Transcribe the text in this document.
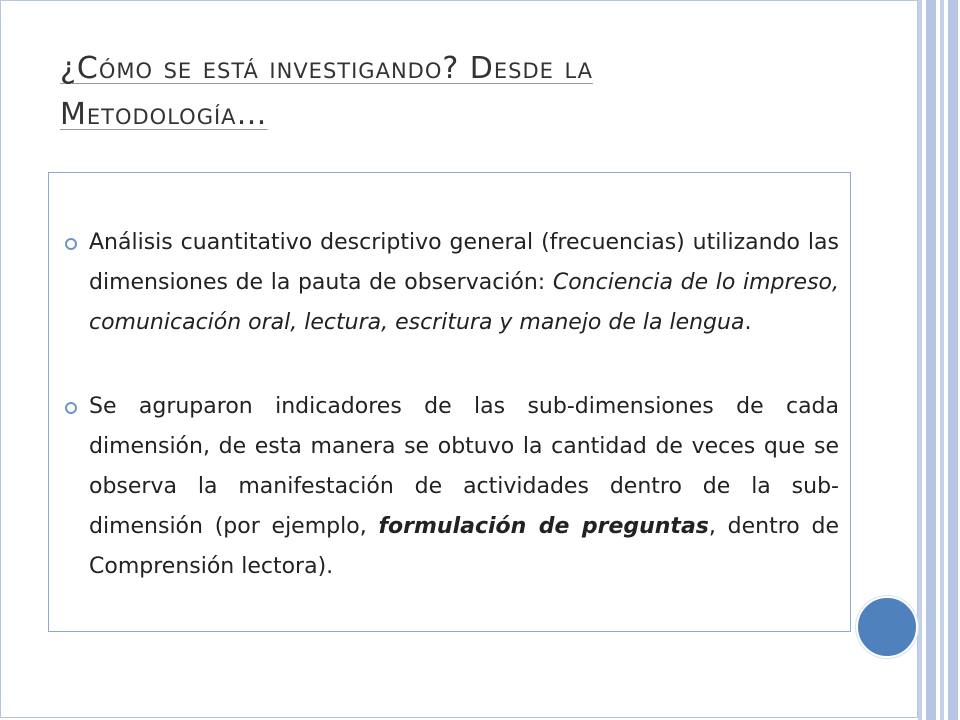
¿Cómo se está investigando? Desde la
Metodología…
Análisis cuantitativo descriptivo general (frecuencias) utilizando las dimensiones de la pauta de observación: Conciencia de lo impreso, comunicación oral, lectura, escritura y manejo de la lengua.
Se agruparon indicadores de las sub-dimensiones de cada dimensión, de esta manera se obtuvo la cantidad de veces que se observa la manifestación de actividades dentro de la sub-dimensión (por ejemplo, formulación de preguntas, dentro de Comprensión lectora).
